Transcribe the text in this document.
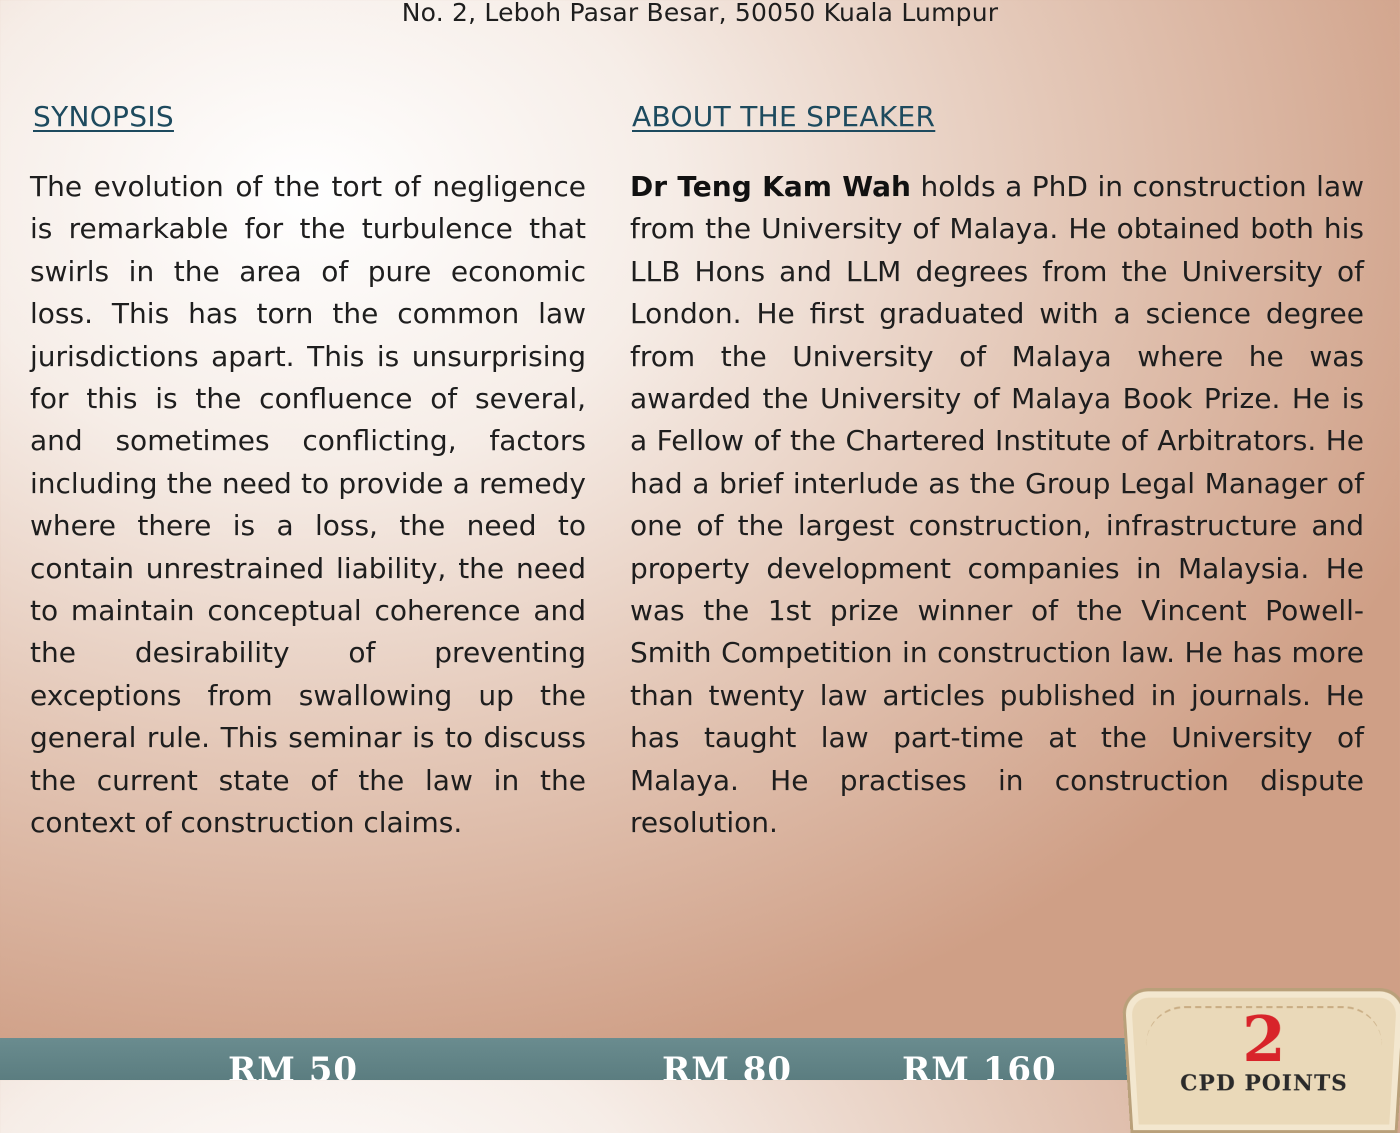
No. 2, Leboh Pasar Besar, 50050 Kuala Lumpur
SYNOPSIS

The evolution of the tort of negligence is remarkable for the turbulence that swirls in the area of pure economic loss. This has torn the common law jurisdictions apart. This is unsurprising for this is the confluence of several, and sometimes conflicting, factors including the need to provide a remedy where there is a loss, the need to contain unrestrained liability, the need to maintain conceptual coherence and the desirability of preventing exceptions from swallowing up the general rule. This seminar is to discuss the current state of the law in the context of construction claims.

ABOUT THE SPEAKER

Dr Teng Kam Wah holds a PhD in construction law from the University of Malaya. He obtained both his LLB Hons and LLM degrees from the University of London. He first graduated with a science degree from the University of Malaya where he was awarded the University of Malaya Book Prize. He is a Fellow of the Chartered Institute of Arbitrators. He had a brief interlude as the Group Legal Manager of one of the largest construction, infrastructure and property development companies in Malaysia. He was the 1st prize winner of the Vincent Powell-Smith Competition in construction law. He has more than twenty law articles published in journals. He has taught law part-time at the University of Malaya. He practises in construction dispute resolution.

RM 50	RM 80	RM 160	2
CPD POINTS
